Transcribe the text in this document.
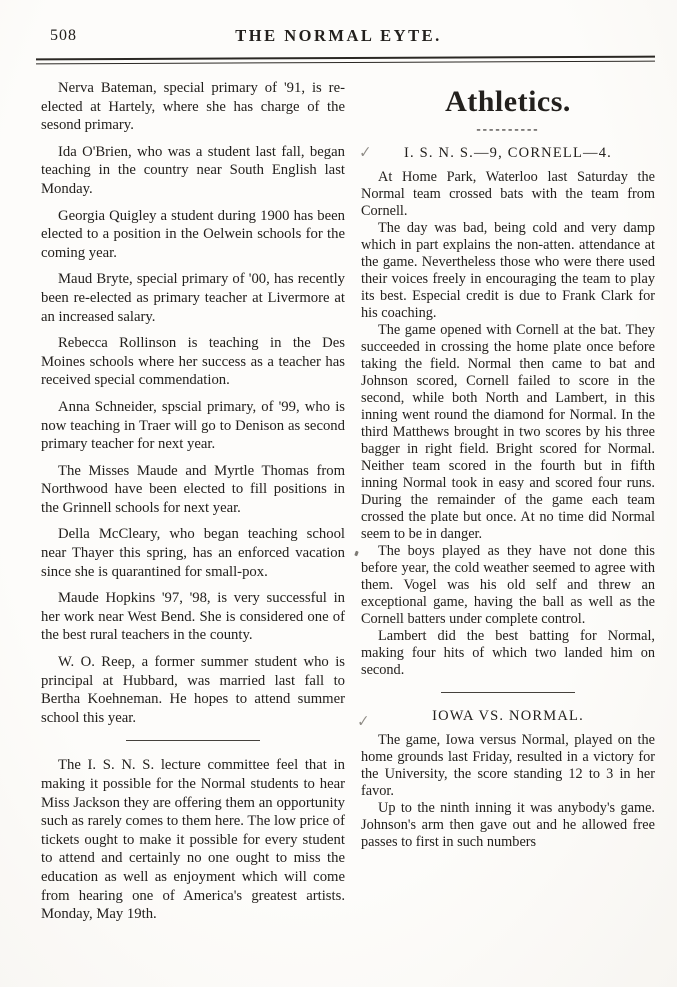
508	THE NORMAL EYTE.

Nerva Bateman, special primary of '91, is re-elected at Hartely, where she has charge of the sesond primary.

Ida O'Brien, who was a student last fall, began teaching in the country near South English last Monday.

Georgia Quigley a student during 1900 has been elected to a position in the Oelwein schools for the coming year.

Maud Bryte, special primary of '00, has recently been re-elected as primary teacher at Livermore at an increased salary.

Rebecca Rollinson is teaching in the Des Moines schools where her success as a teacher has received special commendation.

Anna Schneider, spscial primary, of '99, who is now teaching in Traer will go to Denison as second primary teacher for next year.

The Misses Maude and Myrtle Thomas from Northwood have been elected to fill positions in the Grinnell schools for next year.

Della McCleary, who began teaching school near Thayer this spring, has an enforced vacation since she is quarantined for small-pox.

Maude Hopkins '97, '98, is very successful in her work near West Bend. She is considered one of the best rural teachers in the county.

W. O. Reep, a former summer student who is principal at Hubbard, was married last fall to Bertha Koehneman. He hopes to attend summer school this year.

The I. S. N. S. lecture committee feel that in making it possible for the Normal students to hear Miss Jackson they are offering them an opportunity such as rarely comes to them here. The low price of tickets ought to make it possible for every student to attend and certainly no one ought to miss the education as well as enjoyment which will come from hearing one of America's greatest artists. Monday, May 19th.

Athletics.
----------
✓ I. S. N. S.—9, CORNELL—4.

At Home Park, Waterloo last Saturday the Normal team crossed bats with the team from Cornell.

The day was bad, being cold and very damp which in part explains the non-atten. attendance at the game. Nevertheless those who were there used their voices freely in encouraging the team to play its best. Especial credit is due to Frank Clark for his coaching.

The game opened with Cornell at the bat. They succeeded in crossing the home plate once before taking the field. Normal then came to bat and Johnson scored, Cornell failed to score in the second, while both North and Lambert, in this inning went round the diamond for Normal. In the third Matthews brought in two scores by his three bagger in right field. Bright scored for Normal. Neither team scored in the fourth but in fifth inning Normal took in easy and scored four runs. During the remainder of the game each team crossed the plate but once. At no time did Normal seem to be in danger.

The boys played as they have not done this before year, the cold weather seemed to agree with them. Vogel was his old self and threw an exceptional game, having the ball as well as the Cornell batters under complete control.

Lambert did the best batting for Normal, making four hits of which two landed him on second.

✓	IOWA VS. NORMAL.

The game, Iowa versus Normal, played on the home grounds last Friday, resulted in a victory for the University, the score standing 12 to 3 in her favor.

Up to the ninth inning it was anybody's game. Johnson's arm then gave out and he allowed free passes to first in such numbers
